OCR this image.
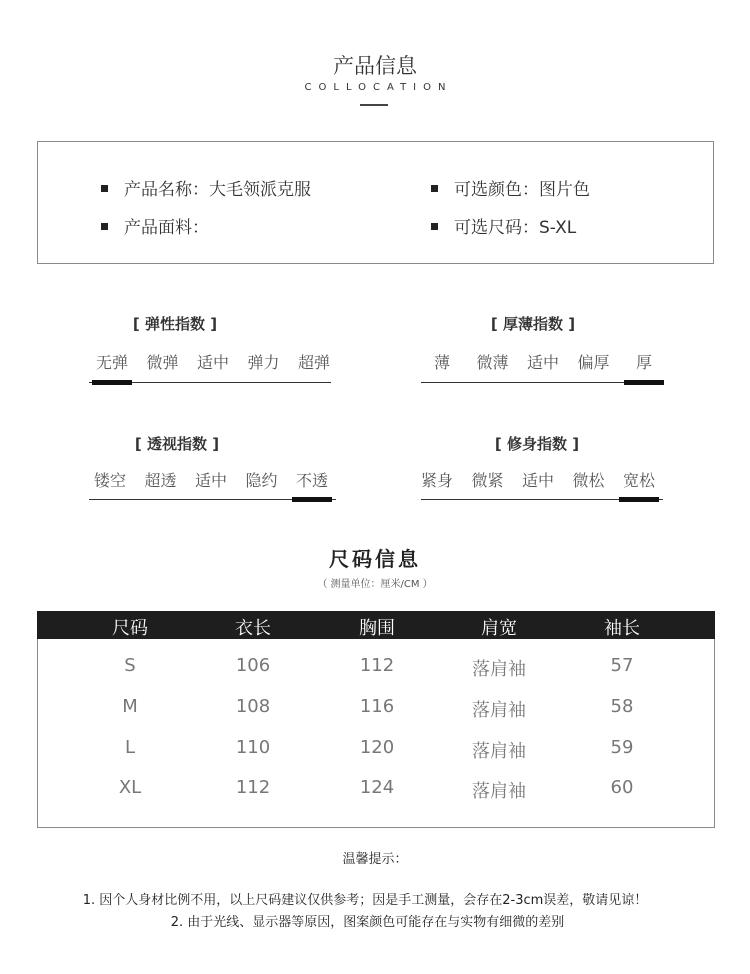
产品信息
COLLOCATION
产品名称：大毛领派克服	可选颜色：图片色
产品面料：	可选尺码：S-XL
[ 弹性指数 ]
无弹	微弹	适中	弹力	超弹
[ 厚薄指数 ]
薄	微薄	适中	偏厚	厚
[ 透视指数 ]
镂空	超透	适中	隐约	不透
[ 修身指数 ]
紧身	微紧	适中	微松	宽松
尺码信息
（ 测量单位：厘米/CM ）
尺码	衣长	胸围	肩宽	袖长
S	106	112	落肩袖	57
M	108	116	落肩袖	58
L	110	120	落肩袖	59
XL	112	124	落肩袖	60
温馨提示：
1. 因个人身材比例不用，以上尺码建议仅供参考；因是手工测量，会存在2-3cm误差，敬请见谅！
2. 由于光线、显示器等原因，图案颜色可能存在与实物有细微的差别
